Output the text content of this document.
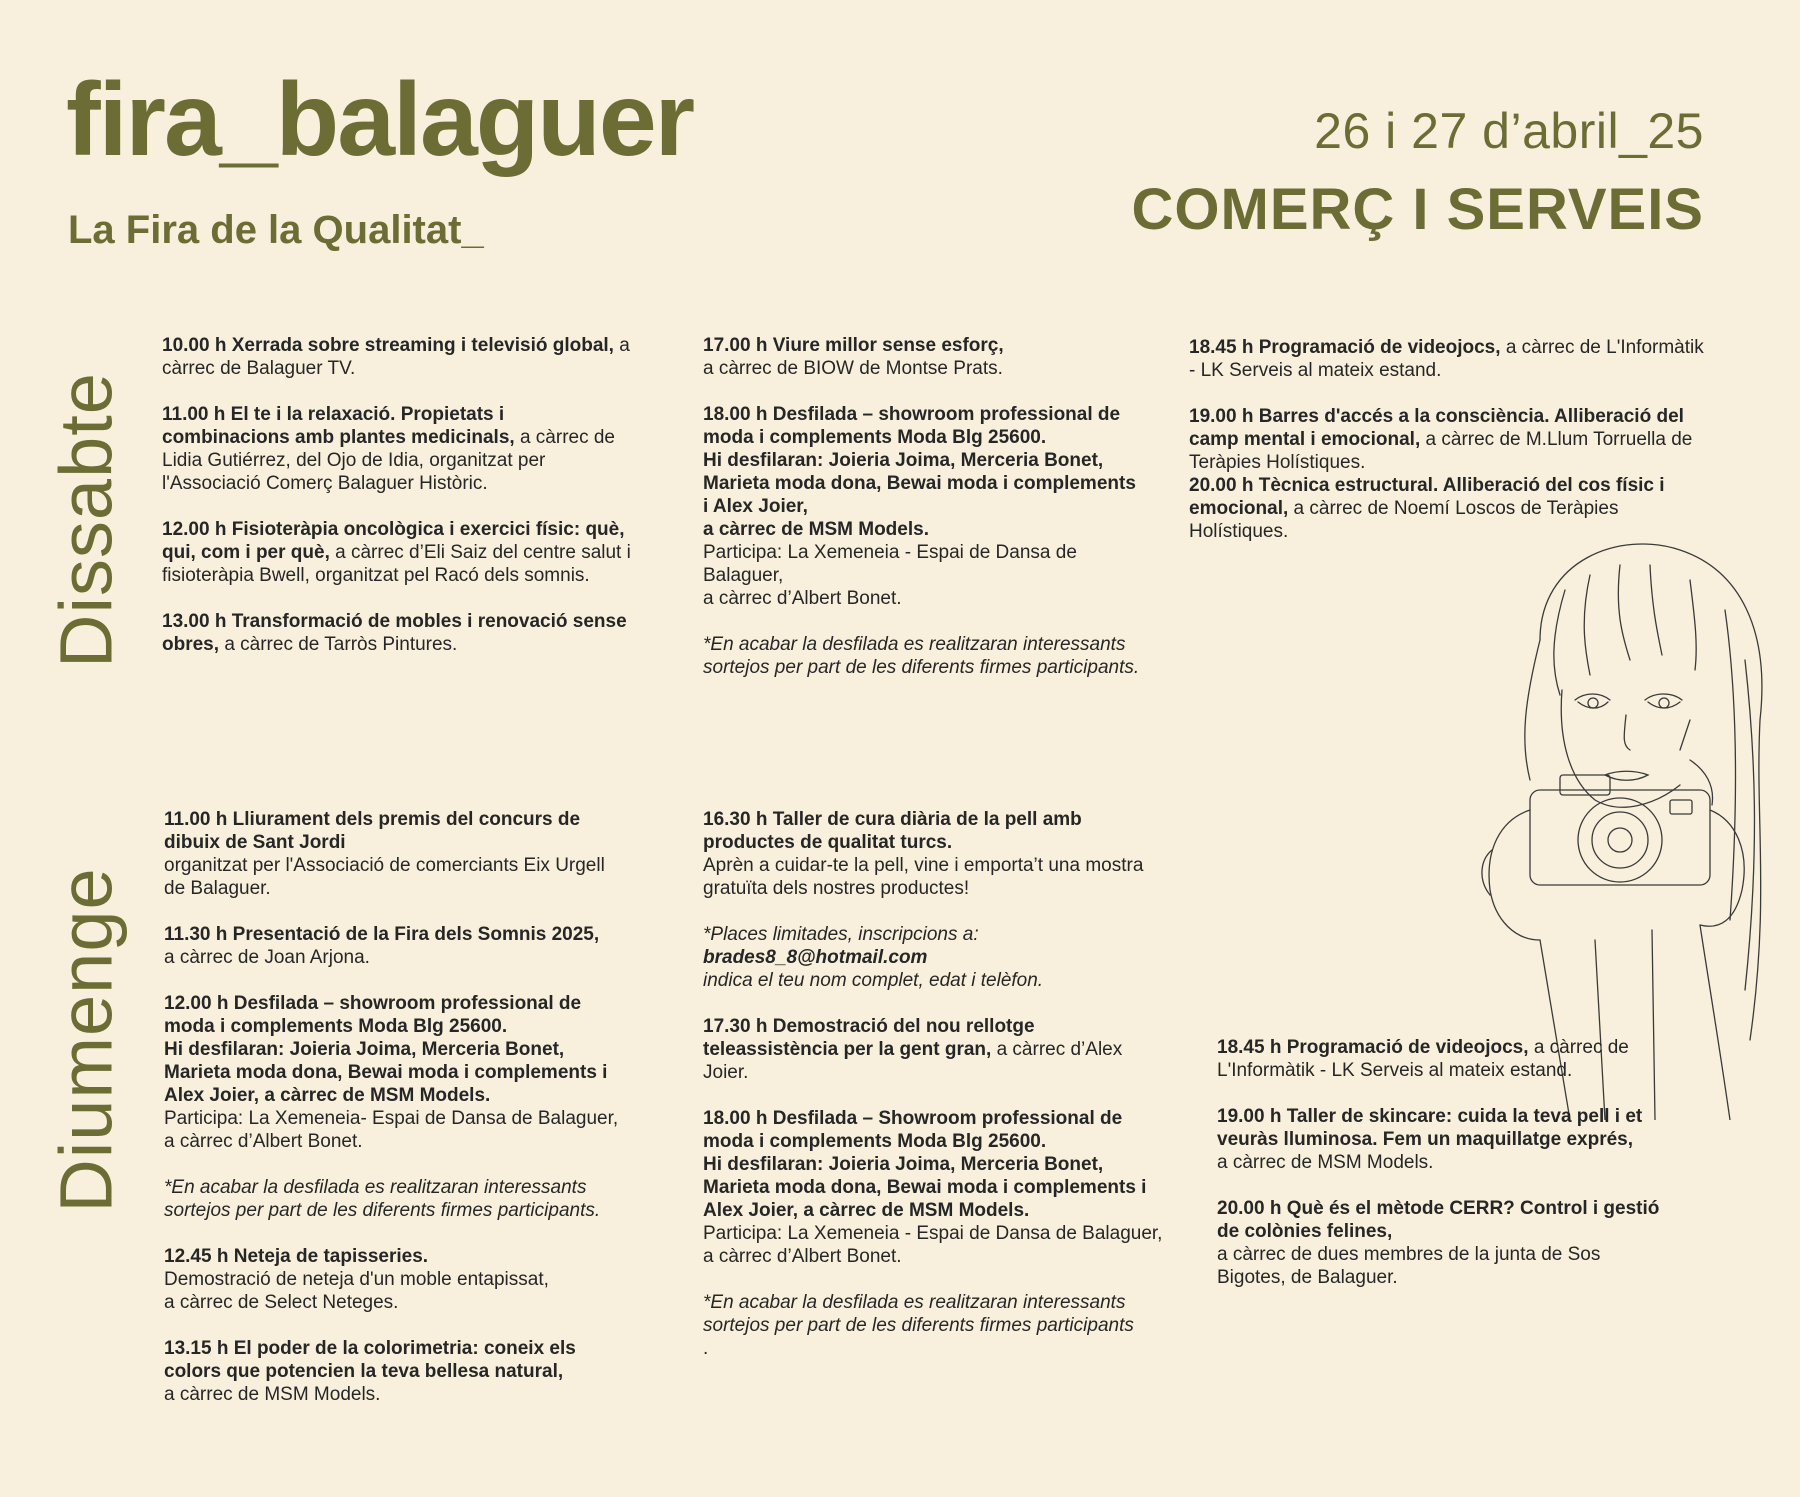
fira_balaguer
La Fira de la Qualitat_
26 i 27 d’abril_25
COMERÇ I SERVEIS
Dissabte
Diumenge
10.00 h Xerrada sobre streaming i televisió global, a càrrec de Balaguer TV.
11.00 h El te i la relaxació. Propietats i combinacions amb plantes medicinals, a càrrec de Lidia Gutiérrez, del Ojo de Idia, organitzat per l'Associació Comerç Balaguer Històric.
12.00 h Fisioteràpia oncològica i exercici físic: què, qui, com i per què, a càrrec d’Eli Saiz del centre salut i fisioteràpia Bwell, organitzat pel Racó dels somnis.
13.00 h Transformació de mobles i renovació sense obres, a càrrec de Tarròs Pintures.
17.00 h Viure millor sense esforç,

a càrrec de BIOW de Montse Prats.

18.00 h Desfilada – showroom professional de moda i complements Moda Blg 25600.

Hi desfilaran: Joieria Joima, Merceria Bonet, Marieta moda dona, Bewai moda i complements i Alex Joier,

a càrrec de MSM Models.

Participa: La Xemeneia - Espai de Dansa de Balaguer,

a càrrec d’Albert Bonet.

*En acabar la desfilada es realitzaran interessants sortejos per part de les diferents firmes participants.

18.45 h Programació de videojocs, a càrrec de L'Informàtik - LK Serveis al mateix estand.
19.00 h Barres d'accés a la consciència. Alliberació del camp mental i emocional, a càrrec de M.Llum Torruella de Teràpies Holístiques.
20.00 h Tècnica estructural. Alliberació del cos físic i emocional, a càrrec de Noemí Loscos de Teràpies Holístiques.

11.00 h Lliurament dels premis del concurs de dibuix de Sant Jordi

organitzat per l'Associació de comerciants Eix Urgell de Balaguer.

11.30 h Presentació de la Fira dels Somnis 2025,

a càrrec de Joan Arjona.

12.00 h Desfilada – showroom professional de moda i complements Moda Blg 25600.

Hi desfilaran: Joieria Joima, Merceria Bonet, Marieta moda dona, Bewai moda i complements i Alex Joier, a càrrec de MSM Models.

Participa: La Xemeneia- Espai de Dansa de Balaguer, a càrrec d’Albert Bonet.

*En acabar la desfilada es realitzaran interessants sortejos per part de les diferents firmes participants.

12.45 h Neteja de tapisseries.

Demostració de neteja d'un moble entapissat,

a càrrec de Select Neteges.

13.15 h El poder de la colorimetria: coneix els colors que potencien la teva bellesa natural,

a càrrec de MSM Models.

16.30 h Taller de cura diària de la pell amb productes de qualitat turcs.

Aprèn a cuidar-te la pell, vine i emporta’t una mostra gratuïta dels nostres productes!

*Places limitades, inscripcions a:

brades8_8@hotmail.com

indica el teu nom complet, edat i telèfon.

17.30 h Demostració del nou rellotge teleassistència per la gent gran, a càrrec d’Alex Joier.

18.00 h Desfilada – Showroom professional de moda i complements Moda Blg 25600.

Hi desfilaran: Joieria Joima, Merceria Bonet, Marieta moda dona, Bewai moda i complements i Alex Joier, a càrrec de MSM Models.

Participa: La Xemeneia - Espai de Dansa de Balaguer, a càrrec d’Albert Bonet.

*En acabar la desfilada es realitzaran interessants sortejos per part de les diferents firmes participants

.

18.45 h Programació de videojocs, a càrrec de L'Informàtik - LK Serveis al mateix estand.

19.00 h Taller de skincare: cuida la teva pell i et veuràs lluminosa. Fem un maquillatge exprés,

a càrrec de MSM Models.

20.00 h Què és el mètode CERR? Control i gestió de colònies felines,

a càrrec de dues membres de la junta de Sos Bigotes, de Balaguer.
